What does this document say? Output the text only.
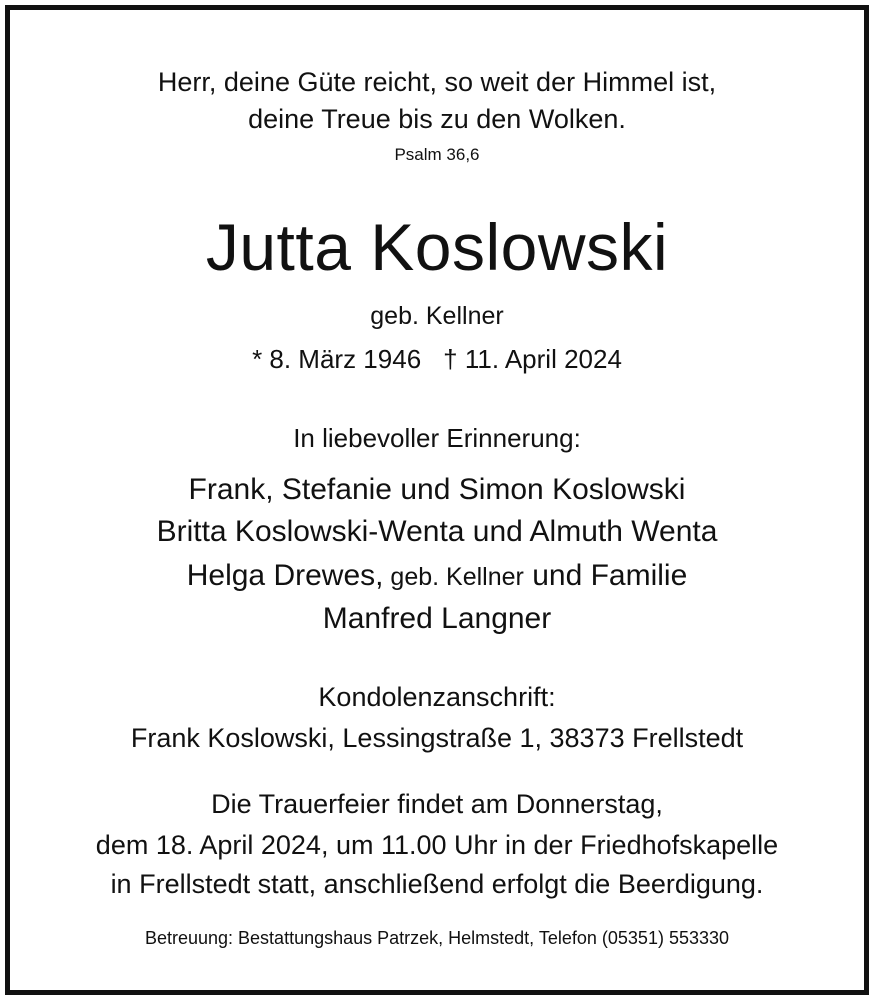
Herr, deine Güte reicht, so weit der Himmel ist,
deine Treue bis zu den Wolken.
Psalm 36,6
Jutta Koslowski
geb. Kellner
* 8. März 1946 † 11. April 2024
In liebevoller Erinnerung:
Frank, Stefanie und Simon Koslowski
Britta Koslowski-Wenta und Almuth Wenta
Helga Drewes, geb. Kellner und Familie
Manfred Langner
Kondolenzanschrift:
Frank Koslowski, Lessingstraße 1, 38373 Frellstedt
Die Trauerfeier findet am Donnerstag,
dem 18. April 2024, um 11.00 Uhr in der Friedhofskapelle
in Frellstedt statt, anschließend erfolgt die Beerdigung.
Betreuung: Bestattungshaus Patrzek, Helmstedt, Telefon (05351) 553330
